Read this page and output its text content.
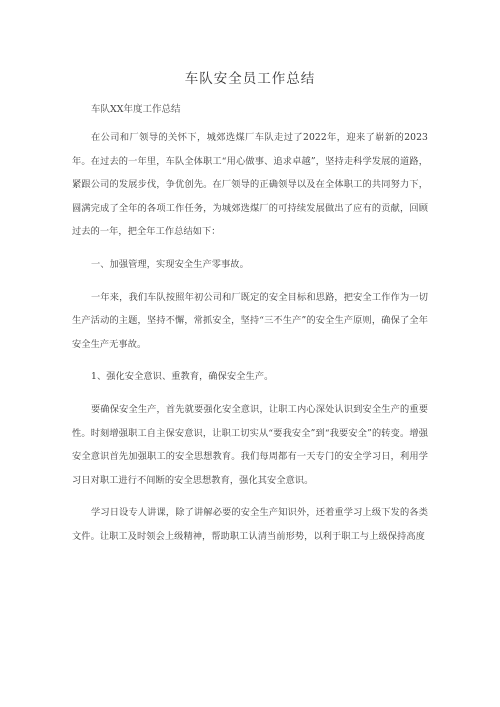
车队安全员工作总结

车队XX年度工作总结

在公司和厂领导的关怀下，城郊选煤厂车队走过了2022年，迎来了崭新的2023年。在过去的一年里，车队全体职工“用心做事、追求卓越”，坚持走科学发展的道路，紧跟公司的发展步伐，争优创先。在厂领导的正确领导以及在全体职工的共同努力下，圆满完成了全年的各项工作任务，为城郊选煤厂的可持续发展做出了应有的贡献，回顾过去的一年，把全年工作总结如下：

一、加强管理，实现安全生产零事故。

一年来，我们车队按照年初公司和厂既定的安全目标和思路，把安全工作作为一切生产活动的主题，坚持不懈，常抓安全，坚持“三不生产”的安全生产原则，确保了全年安全生产无事故。

1、强化安全意识、重教育，确保安全生产。

要确保安全生产，首先就要强化安全意识，让职工内心深处认识到安全生产的重要性。时刻增强职工自主保安意识，让职工切实从“要我安全”到“我要安全”的转变。增强安全意识首先加强职工的安全思想教育。我们每周都有一天专门的安全学习日，利用学习日对职工进行不间断的安全思想教育，强化其安全意识。

学习日设专人讲课，除了讲解必要的安全生产知识外，还着重学习上级下发的各类文件。让职工及时领会上级精神，帮助职工认清当前形势，以利于职工与上级保持高度
